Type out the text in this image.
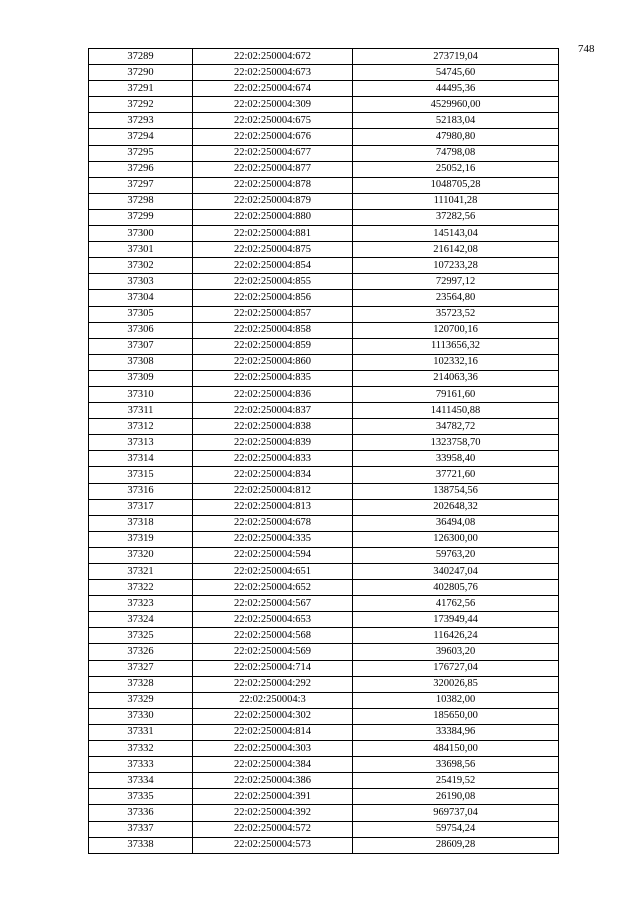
748
37289	22:02:250004:672	273719,04
37290	22:02:250004:673	54745,60
37291	22:02:250004:674	44495,36
37292	22:02:250004:309	4529960,00
37293	22:02:250004:675	52183,04
37294	22:02:250004:676	47980,80
37295	22:02:250004:677	74798,08
37296	22:02:250004:877	25052,16
37297	22:02:250004:878	1048705,28
37298	22:02:250004:879	111041,28
37299	22:02:250004:880	37282,56
37300	22:02:250004:881	145143,04
37301	22:02:250004:875	216142,08
37302	22:02:250004:854	107233,28
37303	22:02:250004:855	72997,12
37304	22:02:250004:856	23564,80
37305	22:02:250004:857	35723,52
37306	22:02:250004:858	120700,16
37307	22:02:250004:859	1113656,32
37308	22:02:250004:860	102332,16
37309	22:02:250004:835	214063,36
37310	22:02:250004:836	79161,60
37311	22:02:250004:837	1411450,88
37312	22:02:250004:838	34782,72
37313	22:02:250004:839	1323758,70
37314	22:02:250004:833	33958,40
37315	22:02:250004:834	37721,60
37316	22:02:250004:812	138754,56
37317	22:02:250004:813	202648,32
37318	22:02:250004:678	36494,08
37319	22:02:250004:335	126300,00
37320	22:02:250004:594	59763,20
37321	22:02:250004:651	340247,04
37322	22:02:250004:652	402805,76
37323	22:02:250004:567	41762,56
37324	22:02:250004:653	173949,44
37325	22:02:250004:568	116426,24
37326	22:02:250004:569	39603,20
37327	22:02:250004:714	176727,04
37328	22:02:250004:292	320026,85
37329	22:02:250004:3	10382,00
37330	22:02:250004:302	185650,00
37331	22:02:250004:814	33384,96
37332	22:02:250004:303	484150,00
37333	22:02:250004:384	33698,56
37334	22:02:250004:386	25419,52
37335	22:02:250004:391	26190,08
37336	22:02:250004:392	969737,04
37337	22:02:250004:572	59754,24
37338	22:02:250004:573	28609,28
